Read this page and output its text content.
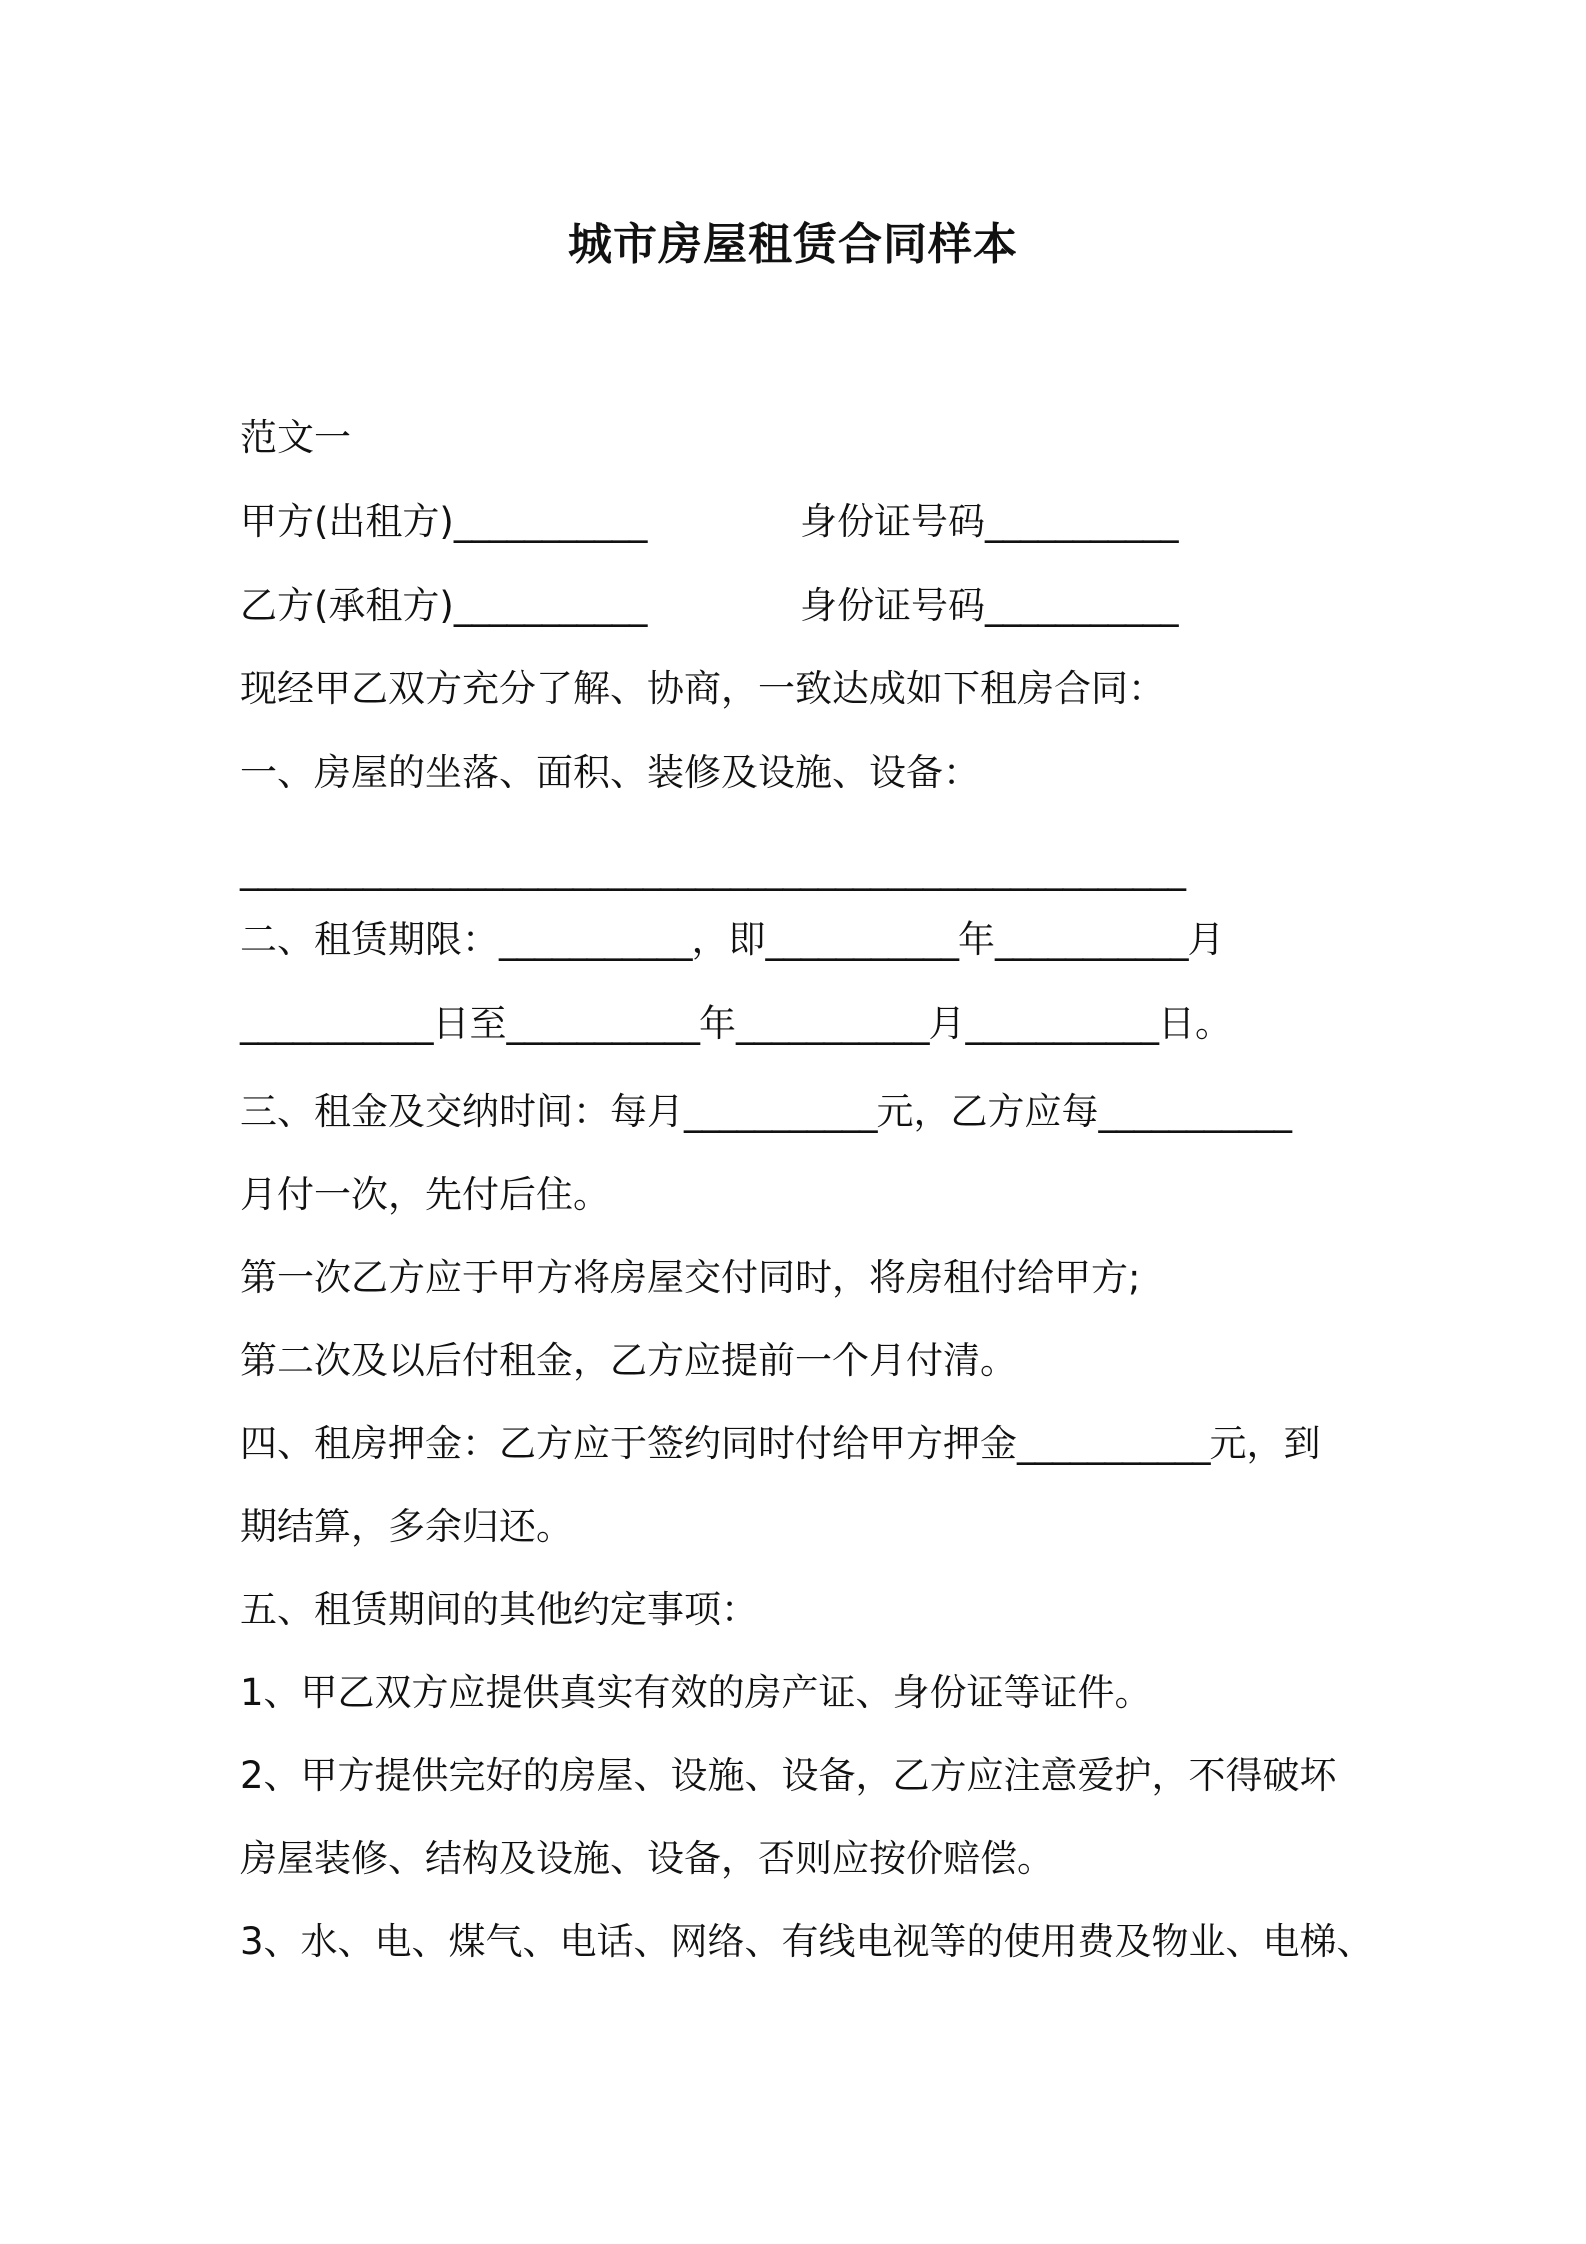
城市房屋租赁合同样本

范文一

甲方(出租方)___________	身份证号码___________

乙方(承租方)___________	身份证号码___________

现经甲乙双方充分了解、协商，一致达成如下租房合同：

一、房屋的坐落、面积、装修及设施、设备：

______________________________________________________

二、租赁期限：___________，即___________年___________月

___________日至___________年___________月___________日。

三、租金及交纳时间：每月___________元，乙方应每___________

月付一次，先付后住。

第一次乙方应于甲方将房屋交付同时，将房租付给甲方;

第二次及以后付租金，乙方应提前一个月付清。

四、租房押金：乙方应于签约同时付给甲方押金___________元，到

期结算，多余归还。

五、租赁期间的其他约定事项：

1、甲乙双方应提供真实有效的房产证、身份证等证件。

2、甲方提供完好的房屋、设施、设备，乙方应注意爱护，不得破坏

房屋装修、结构及设施、设备，否则应按价赔偿。

3、水、电、煤气、电话、网络、有线电视等的使用费及物业、电梯、
